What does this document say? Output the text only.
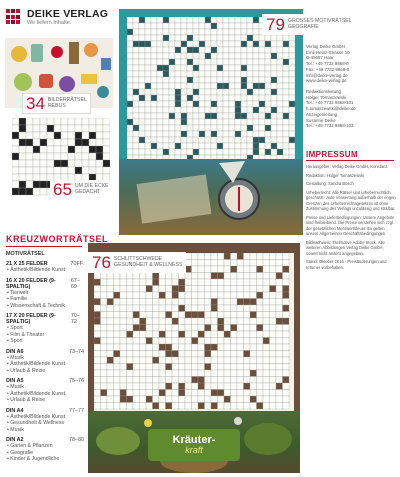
DEIKE VERLAG
Wir liefern Inhalte.
34 BILDERRÄTSEL
REBUS
65 UM DIE ECKE
GEDACHT
79 GROSSES MOTIVRÄTSEL
GEOGRAFIE
Kräuter-
kraft
76 SCHLITTSCHWEDE
GESUNDHEIT & WELLNESS
KREUZWORTRÄTSEL
MOTIVRÄTSEL
21 X 25 FELDER	70FF.
• Ästhetik/Bildende Kunst
16 X 20 FELDER (9-SPALTIG)
67–69
• Tierwelt
• Familie
• Wissenschaft & Technik
17 X 20 FELDER (9-SPALTIG)
70–72
• Sport
• Film & Theater
• Sport
DIN A6	73–74
• Musik
• Ästhetik/Bildende Kunst
• Urlaub & Reise
DIN A5	75–76
• Musik
• Ästhetik/Bildende Kunst
• Urlaub & Reise
DIN A4	77–77
• Ästhetik/Bildende Kunst
• Gesundheit & Wellness
• Musik
DIN A2	78–80
• Garten & Pflanzen
• Geografie
• Kinder & Jugendliche
Verlag Deike GmbH
Emil-Heinz-Strasse 10
D-45657 Haar
Tel.: +49 7732 9868-0
Fax: +49 7732 9868-8
info@deike-verlag.de
www.deike-verlag.de
Redaktionsleitung
Holger Tomaszewski
Tel.: +49 7732 9868-101
h.tomaszewski@deike.de
Anzeigenleitung
Susanne Deike
Tel.: +49 7732 9868-103
IMPRESSUM

Herausgeber: Verlag Deike GmbH, Konstanz

Redaktion: Holger Tomaszewski

Gestaltung: Sandra Bösch

Urheberrecht: Alle Rätsel sind urheberrechtlich geschützt. Jede Verwertung außerhalb der engen Grenzen des Urheberrechtsgesetzes ist ohne Zustimmung des Verlags unzulässig und strafbar.

Preise und Lieferbedingungen: Unsere Angebote sind freibleibend. Die Preise verstehen sich zzgl. der gesetzlichen Mehrwertsteuer. Es gelten unsere Allgemeinen Geschäftsbedingungen.

Bildnachweis: Titelmotive Adobe Stock. Alle weiteren Abbildungen Verlag Deike GmbH, soweit nicht anders angegeben.

Stand: Oktober 2016 · Preisänderungen und Irrtümer vorbehalten.
